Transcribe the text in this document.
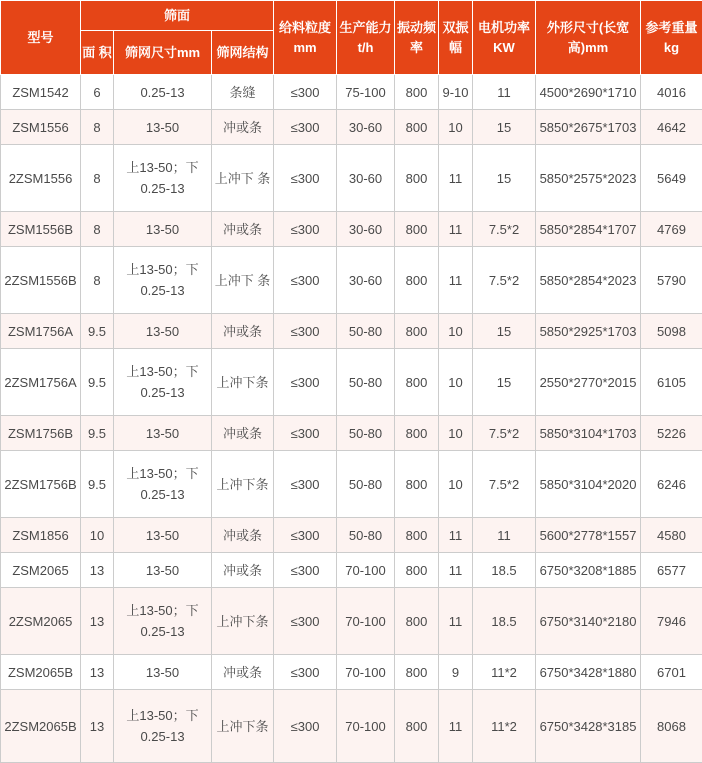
型号	筛面			给料粒度 mm	生产能力 t/h	振动频率	双振幅	电机功率 KW	外形尺寸(长宽 高)mm	参考重量 kg
	面 积	筛网尺寸mm	筛网结构							
ZSM1542	6	0.25-13	条缝	≤300	75-100	800	9-10	11	4500*2690*1710	4016
ZSM1556	8	13-50	冲或条	≤300	30-60	800	10	15	5850*2675*1703	4642
2ZSM1556	8	上13-50；下 0.25-13	上冲下 条	≤300	30-60	800	11	15	5850*2575*2023	5649
ZSM1556B	8	13-50	冲或条	≤300	30-60	800	11	7.5*2	5850*2854*1707	4769
2ZSM1556B	8	上13-50；下 0.25-13	上冲下 条	≤300	30-60	800	11	7.5*2	5850*2854*2023	5790
ZSM1756A	9.5	13-50	冲或条	≤300	50-80	800	10	15	5850*2925*1703	5098
2ZSM1756A	9.5	上13-50；下 0.25-13	上冲下条	≤300	50-80	800	10	15	2550*2770*2015	6105
ZSM1756B	9.5	13-50	冲或条	≤300	50-80	800	10	7.5*2	5850*3104*1703	5226
2ZSM1756B	9.5	上13-50；下 0.25-13	上冲下条	≤300	50-80	800	10	7.5*2	5850*3104*2020	6246
ZSM1856	10	13-50	冲或条	≤300	50-80	800	11	11	5600*2778*1557	4580
ZSM2065	13	13-50	冲或条	≤300	70-100	800	11	18.5	6750*3208*1885	6577
2ZSM2065	13	上13-50；下 0.25-13	上冲下条	≤300	70-100	800	11	18.5	6750*3140*2180	7946
ZSM2065B	13	13-50	冲或条	≤300	70-100	800	9	11*2	6750*3428*1880	6701
2ZSM2065B	13	上13-50；下 0.25-13	上冲下条	≤300	70-100	800	11	11*2	6750*3428*3185	8068
